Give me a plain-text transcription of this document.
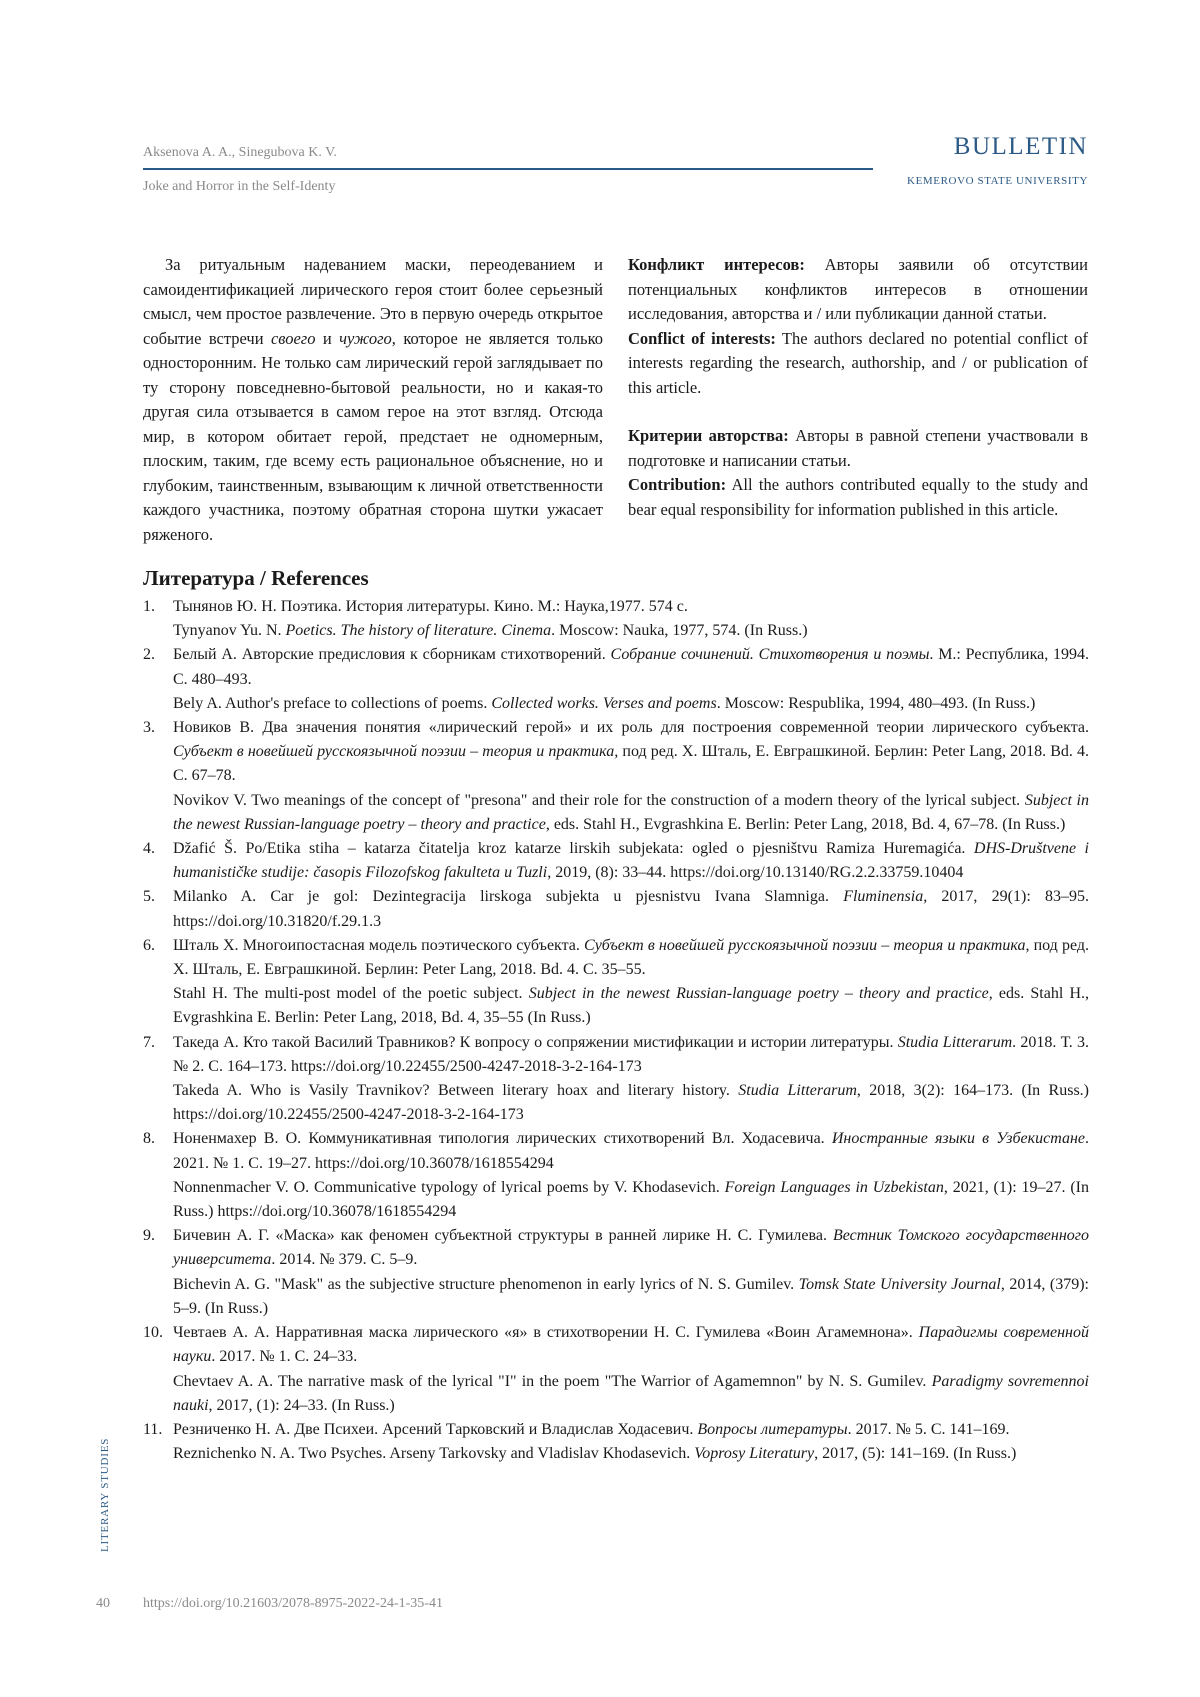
Aksenova A. A., Sinegubova K. V.
Joke and Horror in the Self-Identy
BULLETIN
KEMEROVO STATE UNIVERSITY

За ритуальным надеванием маски, переодеванием и самоидентификацией лирического героя стоит более серьезный смысл, чем простое развлечение. Это в первую очередь открытое событие встречи своего и чужого, которое не является только односторонним. Не только сам лирический герой заглядывает по ту сторону повседневно-бытовой реальности, но и какая-то другая сила отзывается в самом герое на этот взгляд. Отсюда мир, в котором обитает герой, предстает не одномерным, плоским, таким, где всему есть рациональное объяснение, но и глубоким, таинственным, взывающим к личной ответственности каждого участника, поэтому обратная сторона шутки ужасает ряженого.

Конфликт интересов: Авторы заявили об отсутствии потенциальных конфликтов интересов в отношении исследования, авторства и / или публикации данной статьи.

Conflict of interests: The authors declared no potential conflict of interests regarding the research, authorship, and / or publication of this article.

Критерии авторства: Авторы в равной степени участвовали в подготовке и написании статьи.

Contribution: All the authors contributed equally to the study and bear equal responsibility for information published in this article.

Литература / References
1. Тынянов Ю. Н. Поэтика. История литературы. Кино. М.: Наука,1977. 574 с.
Tynyanov Yu. N. Poetics. The history of literature. Cinema. Moscow: Nauka, 1977, 574. (In Russ.)
2. Белый А. Авторские предисловия к сборникам стихотворений. Собрание сочинений. Стихотворения и поэмы. М.: Республика, 1994. С. 480–493.
Bely A. Author's preface to collections of poems. Collected works. Verses and poems. Moscow: Respublika, 1994, 480–493. (In Russ.)
3. Новиков В. Два значения понятия «лирический герой» и их роль для построения современной теории лирического субъекта. Субъект в новейшей русскоязычной поэзии – теория и практика, под ред. Х. Шталь, Е. Евграшкиной. Берлин: Peter Lang, 2018. Bd. 4. С. 67–78.
Novikov V. Two meanings of the concept of "presona" and their role for the construction of a modern theory of the lyrical subject. Subject in the newest Russian-language poetry – theory and practice, eds. Stahl H., Evgrashkina E. Berlin: Peter Lang, 2018, Bd. 4, 67–78. (In Russ.)
4. Džafić Š. Po/Etika stiha – katarza čitatelja kroz katarze lirskih subjekata: ogled o pjesništvu Ramiza Huremagića. DHS-Društvene i humanističke studije: časopis Filozofskog fakulteta u Tuzli, 2019, (8): 33–44. https://doi.org/10.13140/RG.2.2.33759.10404
5. Milanko A. Car je gol: Dezintegracija lirskoga subjekta u pjesnistvu Ivana Slamniga. Fluminensia, 2017, 29(1): 83–95. https://doi.org/10.31820/f.29.1.3
6. Шталь Х. Многоипостасная модель поэтического субъекта. Субъект в новейшей русскоязычной поэзии – теория и практика, под ред. Х. Шталь, Е. Евграшкиной. Берлин: Peter Lang, 2018. Bd. 4. С. 35–55.
Stahl H. The multi-post model of the poetic subject. Subject in the newest Russian-language poetry – theory and practice, eds. Stahl H., Evgrashkina E. Berlin: Peter Lang, 2018, Bd. 4, 35–55 (In Russ.)
7. Такеда А. Кто такой Василий Травников? К вопросу о сопряжении мистификации и истории литературы. Studia Litterarum. 2018. Т. 3. № 2. С. 164–173. https://doi.org/10.22455/2500-4247-2018-3-2-164-173
Takeda A. Who is Vasily Travnikov? Between literary hoax and literary history. Studia Litterarum, 2018, 3(2): 164–173. (In Russ.) https://doi.org/10.22455/2500-4247-2018-3-2-164-173
8. Ноненмахер В. О. Коммуникативная типология лирических стихотворений Вл. Ходасевича. Иностранные языки в Узбекистане. 2021. № 1. С. 19–27. https://doi.org/10.36078/1618554294
Nonnenmacher V. O. Communicative typology of lyrical poems by V. Khodasevich. Foreign Languages in Uzbekistan, 2021, (1): 19–27. (In Russ.) https://doi.org/10.36078/1618554294
9. Бичевин А. Г. «Маска» как феномен субъектной структуры в ранней лирике Н. С. Гумилева. Вестник Томского государственного университета. 2014. № 379. С. 5–9.
Bichevin A. G. "Mask" as the subjective structure phenomenon in early lyrics of N. S. Gumilev. Tomsk State University Journal, 2014, (379): 5–9. (In Russ.)
10. Чевтаев А. А. Нарративная маска лирического «я» в стихотворении Н. С. Гумилева «Воин Агамемнона». Парадигмы современной науки. 2017. № 1. С. 24–33.
Chevtaev A. A. The narrative mask of the lyrical "I" in the poem "The Warrior of Agamemnon" by N. S. Gumilev. Paradigmy sovremennoi nauki, 2017, (1): 24–33. (In Russ.)
11. Резниченко Н. А. Две Психеи. Арсений Тарковский и Владислав Ходасевич. Вопросы литературы. 2017. № 5. С. 141–169.
Reznichenko N. A. Two Psyches. Arseny Tarkovsky and Vladislav Khodasevich. Voprosy Literatury, 2017, (5): 141–169. (In Russ.)
LITERARY STUDIES
40 https://doi.org/10.21603/2078-8975-2022-24-1-35-41
